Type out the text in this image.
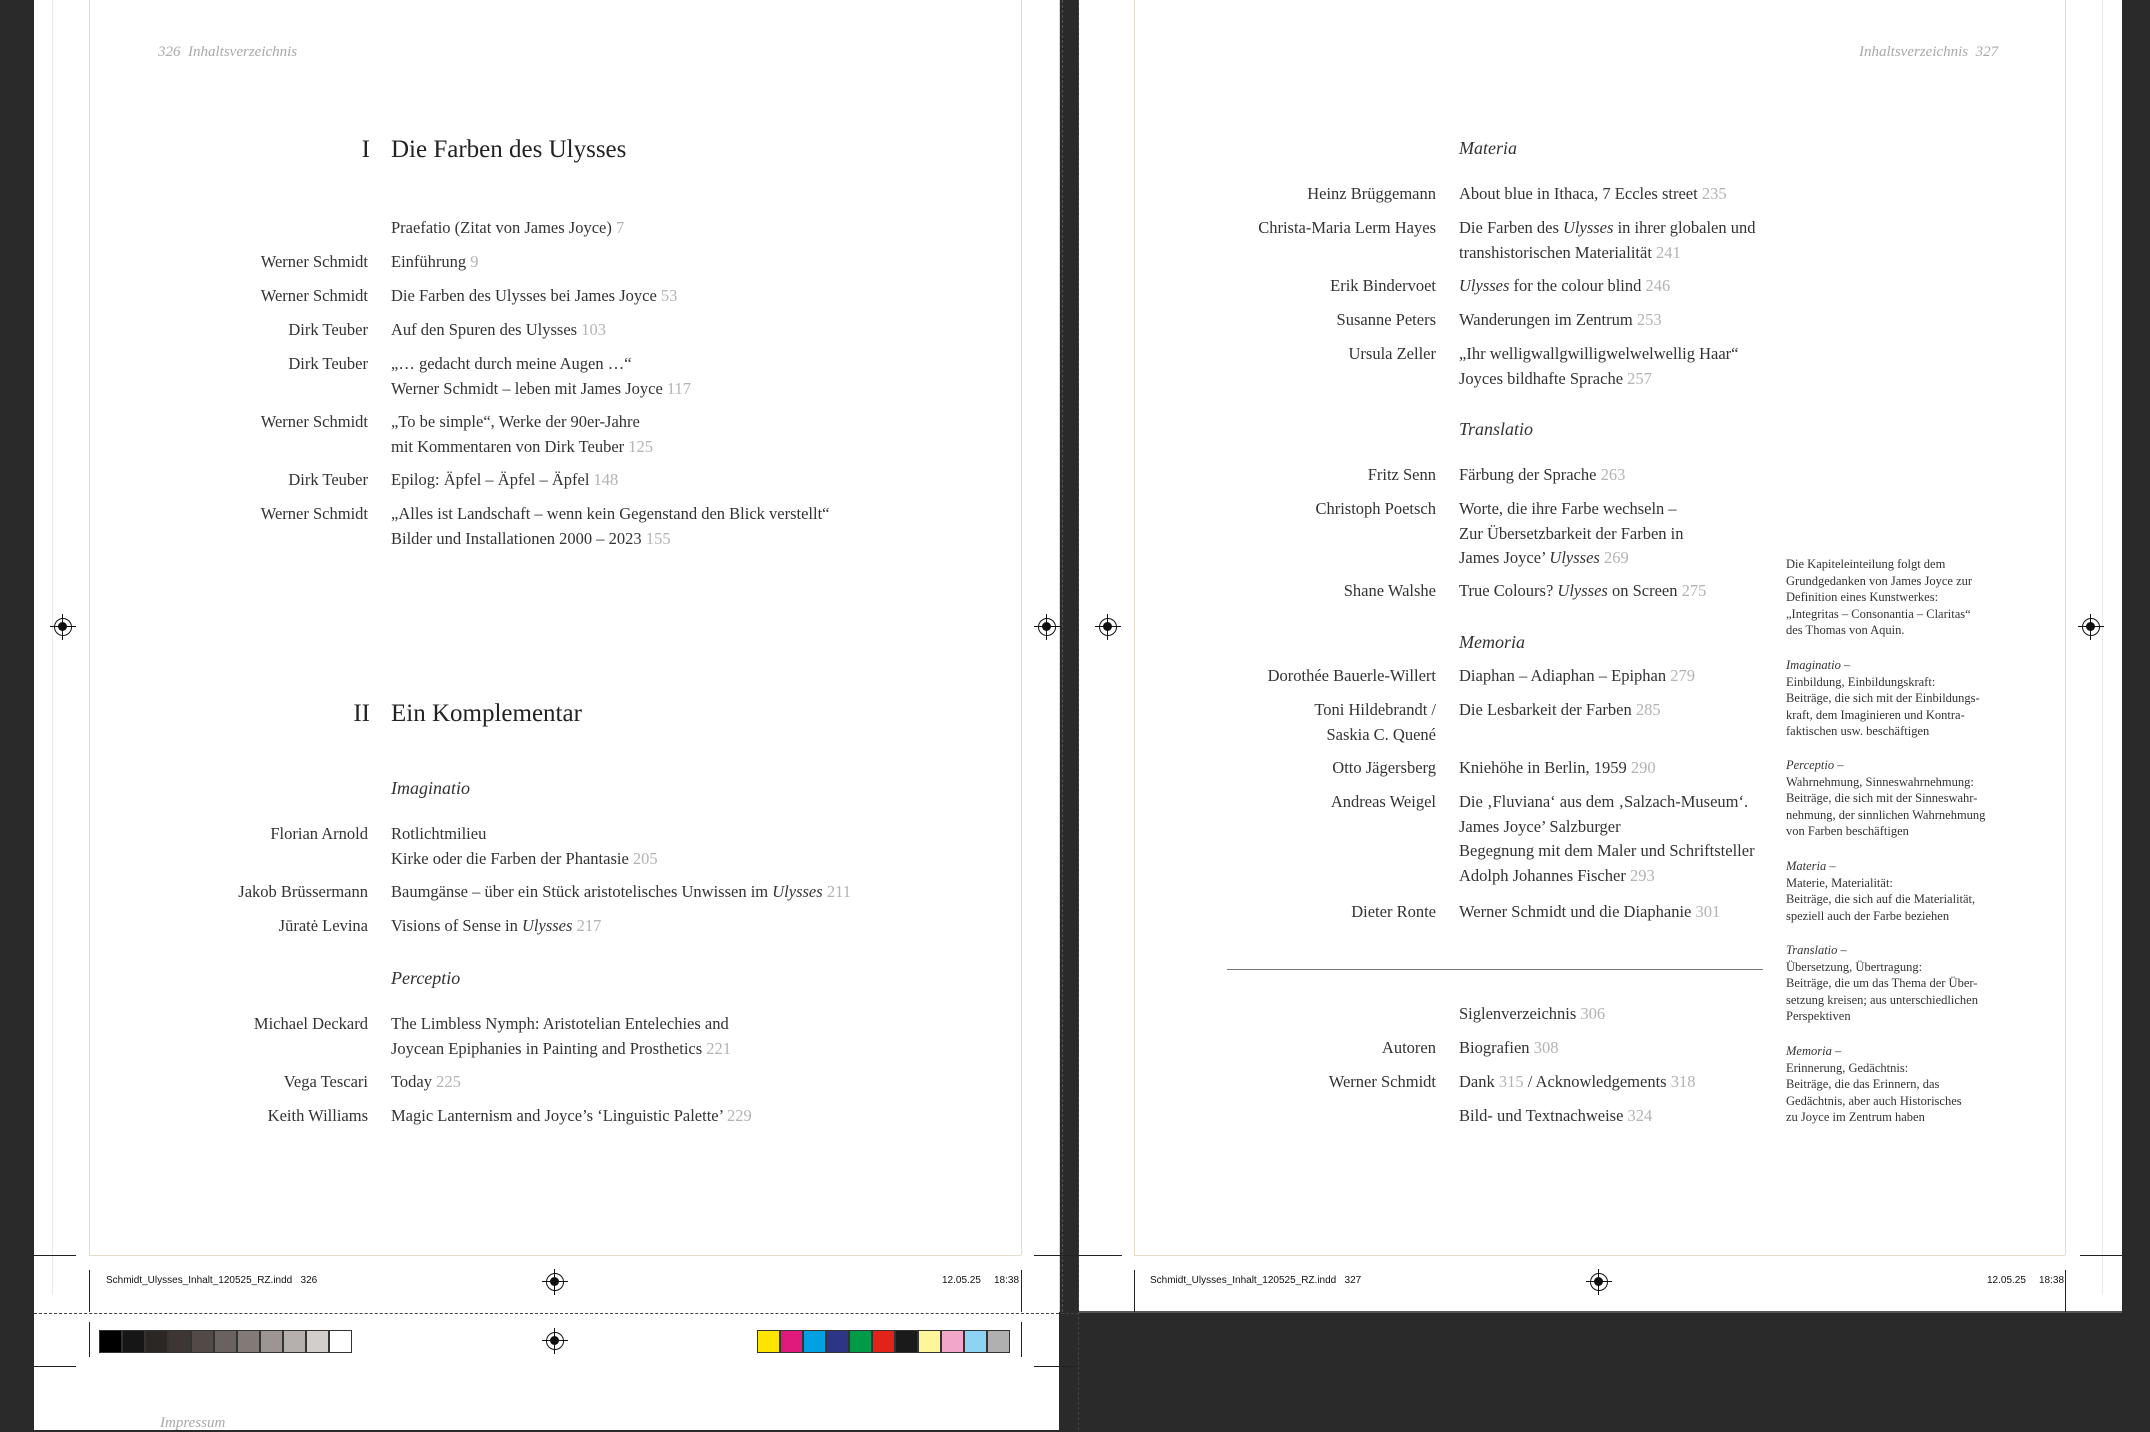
326 Inhaltsverzeichnis
I Die Farben des Ulysses
Praefatio (Zitat von James Joyce) 7
Werner Schmidt Einführung 9
Werner Schmidt Die Farben des Ulysses bei James Joyce 53
Dirk Teuber Auf den Spuren des Ulysses 103
Dirk Teuber „… gedacht durch meine Augen …“
Werner Schmidt – leben mit James Joyce 117
Werner Schmidt „To be simple“, Werke der 90er-Jahre
mit Kommentaren von Dirk Teuber 125
Dirk Teuber Epilog: Äpfel – Äpfel – Äpfel 148
Werner Schmidt „Alles ist Landschaft – wenn kein Gegenstand den Blick verstellt“
Bilder und Installationen 2000 – 2023 155
II Ein Komplementar
Imaginatio
Florian Arnold Rotlichtmilieu
Kirke oder die Farben der Phantasie 205
Jakob Brüssermann Baumgänse – über ein Stück aristotelisches Unwissen im Ulysses 211
Jūratė Levina Visions of Sense in Ulysses 217
Perceptio
Michael Deckard The Limbless Nymph: Aristotelian Entelechies and
Joycean Epiphanies in Painting and Prosthetics 221
Vega Tescari Today 225
Keith Williams Magic Lanternism and Joyce’s ‘Linguistic Palette’ 229
Schmidt_Ulysses_Inhalt_120525_RZ.indd   326	12.05.25 18:38
Impressum
Inhaltsverzeichnis 327
Materia
Heinz Brüggemann About blue in Ithaca, 7 Eccles street 235
Christa-Maria Lerm Hayes Die Farben des Ulysses in ihrer globalen und
transhistorischen Materialität 241
Erik Bindervoet Ulysses for the colour blind 246
Susanne Peters Wanderungen im Zentrum 253
Ursula Zeller „Ihr welligwallgwilligwelwelwellig Haar“
Joyces bildhafte Sprache 257
Translatio
Fritz Senn Färbung der Sprache 263
Christoph Poetsch Worte, die ihre Farbe wechseln –
Zur Übersetzbarkeit der Farben in
James Joyce’ Ulysses 269
Shane Walshe True Colours? Ulysses on Screen 275
Memoria
Dorothée Bauerle-Willert Diaphan – Adiaphan – Epiphan 279
Toni Hildebrandt /
Saskia C. Quené
Die Lesbarkeit der Farben 285
Otto Jägersberg Kniehöhe in Berlin, 1959 290
Andreas Weigel Die ‚Fluviana‘ aus dem ‚Salzach-Museum‘.
James Joyce’ Salzburger
Begegnung mit dem Maler und Schriftsteller
Adolph Johannes Fischer 293
Dieter Ronte Werner Schmidt und die Diaphanie 301
Siglenverzeichnis 306
Autoren Biografien 308
Werner Schmidt Dank 315 / Acknowledgements 318
Bild- und Textnachweise 324
Die Kapiteleinteilung folgt dem
Grundgedanken von James Joyce zur
Definition eines Kunstwerkes:
„Integritas – Consonantia – Claritas“
des Thomas von Aquin.
Imaginatio –
Einbildung, Einbildungskraft:
Beiträge, die sich mit der Einbildungs-
kraft, dem Imaginieren und Kontra-
faktischen usw. beschäftigen
Perceptio –
Wahrnehmung, Sinneswahrnehmung:
Beiträge, die sich mit der Sinneswahr-
nehmung, der sinnlichen Wahrnehmung
von Farben beschäftigen
Materia –
Materie, Materialität:
Beiträge, die sich auf die Materialität,
speziell auch der Farbe beziehen
Translatio –
Übersetzung, Übertragung:
Beiträge, die um das Thema der Über-
setzung kreisen; aus unterschiedlichen
Perspektiven
Memoria –
Erinnerung, Gedächtnis:
Beiträge, die das Erinnern, das
Gedächtnis, aber auch Historisches
zu Joyce im Zentrum haben
Schmidt_Ulysses_Inhalt_120525_RZ.indd   327	12.05.25 18:38
